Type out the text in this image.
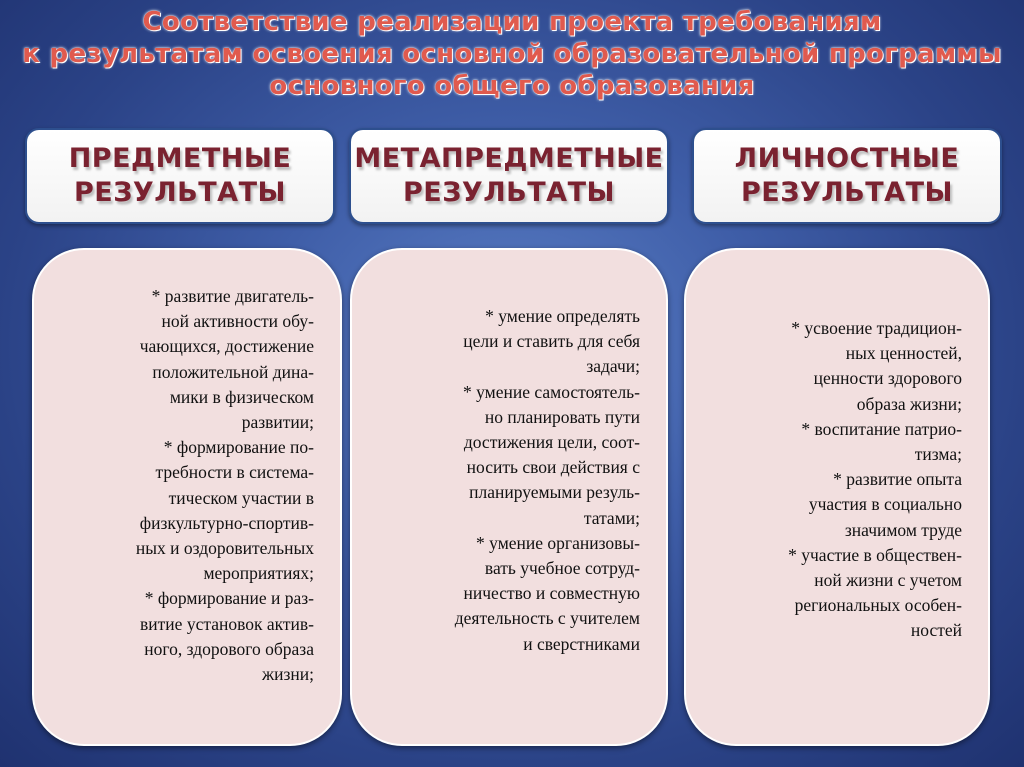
Соответствие реализации проекта требованиям
к результатам освоения основной образовательной программы
основного общего образования
ПРЕДМЕТНЫЕ
РЕЗУЛЬТАТЫ
* развитие двигатель-
ной активности обу-
чающихся, достижение
положительной дина-
мики в физическом
развитии;
* формирование по-
требности в система-
тическом участии в
физкультурно-спортив-
ных и оздоровительных
мероприятиях;
* формирование и раз-
витие установок актив-
ного, здорового образа
жизни;
МЕТАПРЕДМЕТНЫЕ
РЕЗУЛЬТАТЫ
* умение определять
цели и ставить для себя
задачи;
* умение самостоятель-
но планировать пути
достижения цели, соот-
носить свои действия с
планируемыми резуль-
татами;
* умение организовы-
вать учебное сотруд-
ничество и совместную
деятельность с учителем
и сверстниками
ЛИЧНОСТНЫЕ
РЕЗУЛЬТАТЫ
* усвоение традицион-
ных ценностей,
ценности здорового
образа жизни;
* воспитание патрио-
тизма;
* развитие опыта
участия в социально
значимом труде
* участие в обществен-
ной жизни с учетом
региональных особен-
ностей
